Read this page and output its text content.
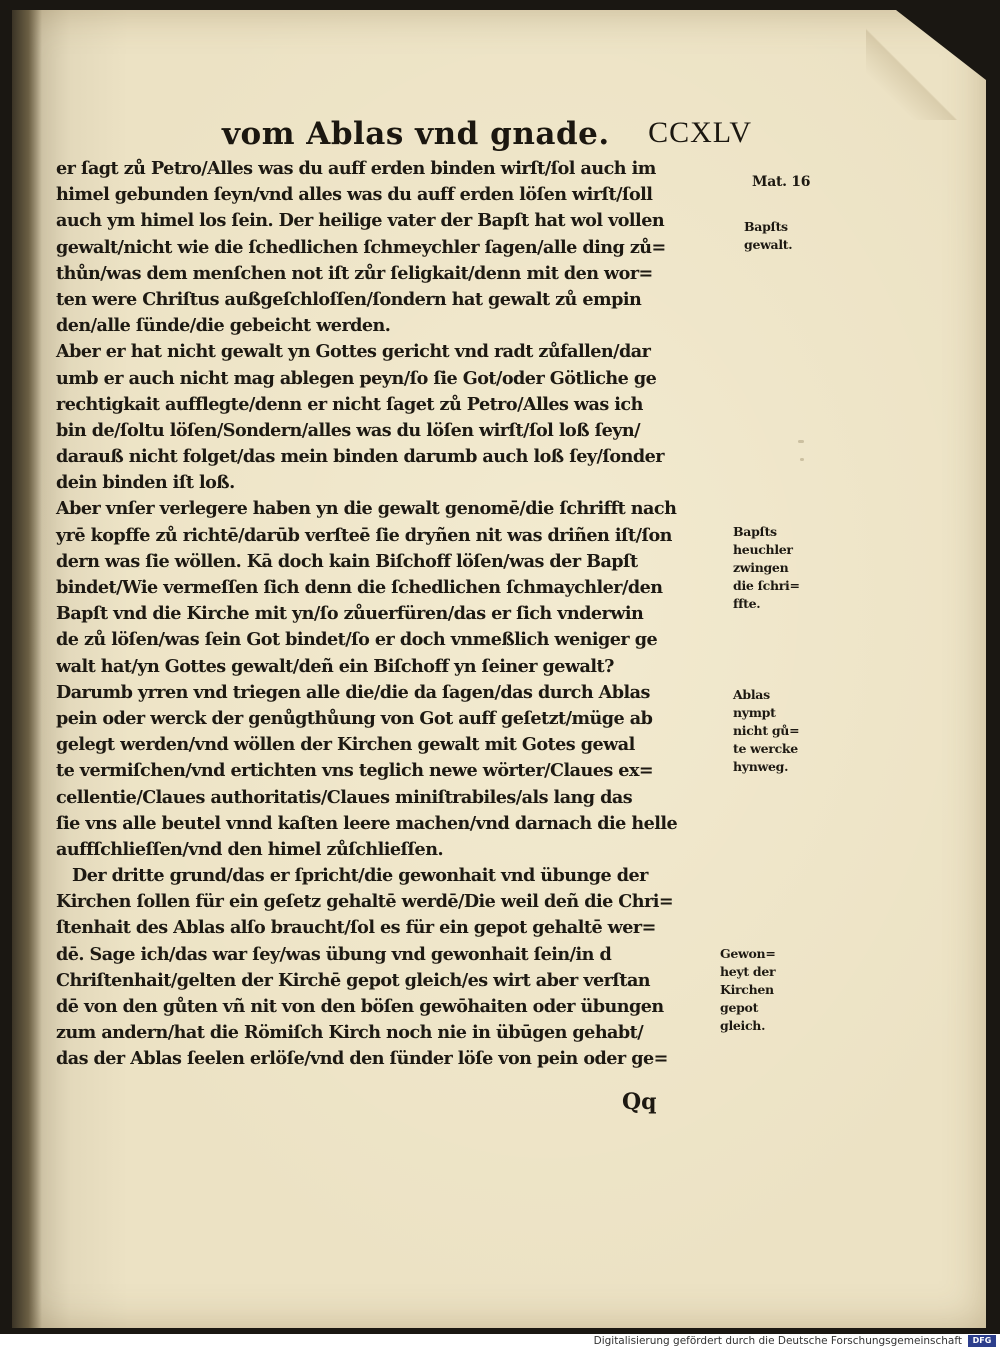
vom Ablas vnd gnade. CCXLV
er ſagt zů Petro/Alles was du auff erden binden wirſt/ſol auch im
himel gebunden ſeyn/vnd alles was du auff erden löſen wirſt/ſoll
auch ym himel los ſein. Der heilige vater der Bapſt hat wol vollen
gewalt/nicht wie die ſchedlichen ſchmeychler ſagen/alle ding zů=
thůn/was dem menſchen not iſt zůr ſeligkait/denn mit den wor=
ten were Chriſtus außgeſchloſſen/ſondern hat gewalt zů empin
den/alle ſünde/die gebeicht werden.
Aber er hat nicht gewalt yn Gottes gericht vnd radt zůfallen/dar
umb er auch nicht mag ablegen peyn/ſo ſie Got/oder Götliche ge
rechtigkait aufflegte/denn er nicht ſaget zů Petro/Alles was ich
bin de/ſoltu löſen/Sondern/alles was du löſen wirſt/ſol loß ſeyn/
darauß nicht folget/das mein binden darumb auch loß ſey/ſonder
dein binden iſt loß.
Aber vnſer verlegere haben yn die gewalt genomē/die ſchrifft nach
yrē kopffe zů richtē/darūb verſteē ſie dryñen nit was driñen iſt/ſon
dern was ſie wöllen. Kā doch kain Biſchoff löſen/was der Bapſt
bindet/Wie vermeſſen ſich denn die ſchedlichen ſchmaychler/den
Bapſt vnd die Kirche mit yn/ſo zůuerfüren/das er ſich vnderwin
de zů löſen/was ſein Got bindet/ſo er doch vnmeßlich weniger ge
walt hat/yn Gottes gewalt/deñ ein Biſchoff yn ſeiner gewalt?
Darumb yrren vnd triegen alle die/die da ſagen/das durch Ablas
pein oder werck der genůgthůung von Got auff geſetzt/müge ab
gelegt werden/vnd wöllen der Kirchen gewalt mit Gotes gewal
te vermiſchen/vnd ertichten vns teglich newe wörter/Claues ex=
cellentie/Claues authoritatis/Claues miniſtrabiles/als lang das
ſie vns alle beutel vnnd kaſten leere machen/vnd darnach die helle
auffſchlieſſen/vnd den himel zůſchlieſſen.
Der dritte grund/das er ſpricht/die gewonhait vnd übunge der
Kirchen ſollen für ein geſetz gehaltē werdē/Die weil deñ die Chri=
ſtenhait des Ablas alſo braucht/ſol es für ein gepot gehaltē wer=
dē. Sage ich/das war ſey/was übung vnd gewonhait ſein/in d
Chriſtenhait/gelten der Kirchē gepot gleich/es wirt aber verſtan
dē von den gůten vñ nit von den böſen gewōhaiten oder übungen
zum andern/hat die Römiſch Kirch noch nie in übūgen gehabt/
das der Ablas ſeelen erlöſe/vnd den ſünder löſe von pein oder ge=
Mat. 16
Bapſts
gewalt.
Bapſts
heuchler
zwingen
die ſchri=
ffte.
Ablas
nympt
nicht gů=
te wercke
hynweg.
Gewon=
heyt der
Kirchen
gepot
gleich.
Qq
Digitalisierung gefördert durch die Deutsche Forschungsgemeinschaft	DFG
